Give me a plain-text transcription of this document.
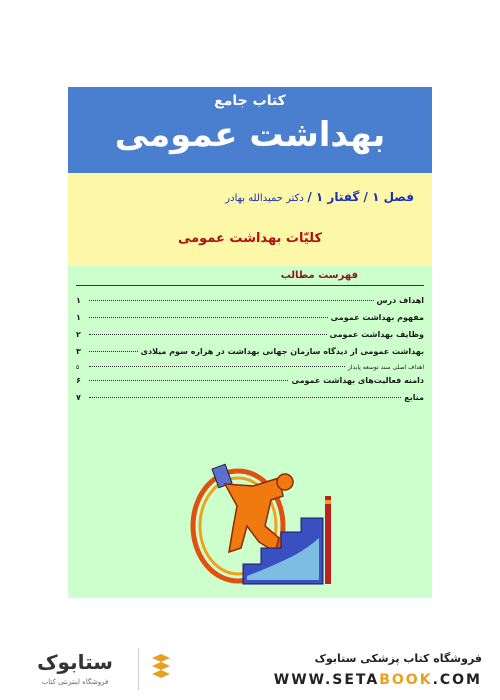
کتاب جامع
بهداشت عمومی
فصل ۱ / گفتار ۱ / دکتر حمیدالله بهادر
کلیّات بهداشت عمومی
فهرست مطالب
اهداف درس
۱
مفهوم بهداشت عمومی
۱
وظایف بهداشت عمومی
۲
بهداشت عمومی از دیدگاه سازمان جهانی بهداشت در هزاره سوم میلادی
۳
اهداف اصلی سند توسعه پایدار
۵
دامنه فعالیت‌های بهداشت عمومی
۶
منابع
۷
ستابوک
فروشگاه اینترنتی کتاب
فروشگاه کتاب پزشکی ستابوک
WWW.SETABOOK.COM
